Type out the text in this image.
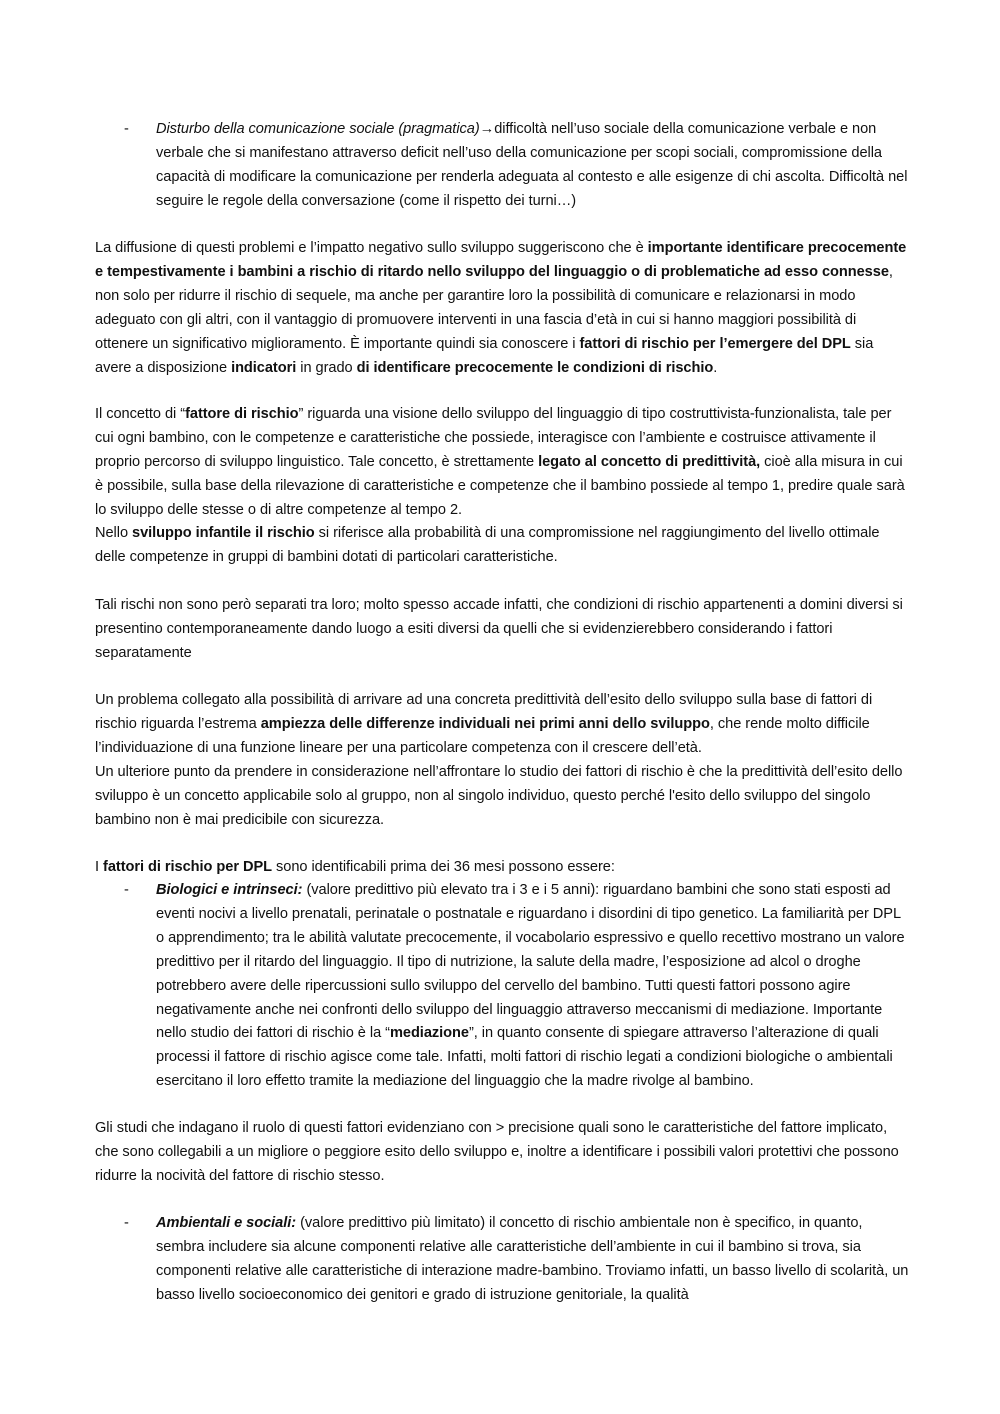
- Disturbo della comunicazione sociale (pragmatica)→difficoltà nell’uso sociale della comunicazione verbale e non verbale che si manifestano attraverso deficit nell’uso della comunicazione per scopi sociali, compromissione della capacità di modificare la comunicazione per renderla adeguata al contesto e alle esigenze di chi ascolta. Difficoltà nel seguire le regole della conversazione (come il rispetto dei turni…)

La diffusione di questi problemi e l’impatto negativo sullo sviluppo suggeriscono che è importante identificare precocemente e tempestivamente i bambini a rischio di ritardo nello sviluppo del linguaggio o di problematiche ad esso connesse, non solo per ridurre il rischio di sequele, ma anche per garantire loro la possibilità di comunicare e relazionarsi in modo adeguato con gli altri, con il vantaggio di promuovere interventi in una fascia d’età in cui si hanno maggiori possibilità di ottenere un significativo miglioramento. È importante quindi sia conoscere i fattori di rischio per l’emergere del DPL sia avere a disposizione indicatori in grado di identificare precocemente le condizioni di rischio.

Il concetto di “fattore di rischio” riguarda una visione dello sviluppo del linguaggio di tipo costruttivista-funzionalista, tale per cui ogni bambino, con le competenze e caratteristiche che possiede, interagisce con l’ambiente e costruisce attivamente il proprio percorso di sviluppo linguistico. Tale concetto, è strettamente legato al concetto di predittività, cioè alla misura in cui è possibile, sulla base della rilevazione di caratteristiche e competenze che il bambino possiede al tempo 1, predire quale sarà lo sviluppo delle stesse o di altre competenze al tempo 2.

Nello sviluppo infantile il rischio si riferisce alla probabilità di una compromissione nel raggiungimento del livello ottimale delle competenze in gruppi di bambini dotati di particolari caratteristiche.

Tali rischi non sono però separati tra loro; molto spesso accade infatti, che condizioni di rischio appartenenti a domini diversi si presentino contemporaneamente dando luogo a esiti diversi da quelli che si evidenzierebbero considerando i fattori separatamente

Un problema collegato alla possibilità di arrivare ad una concreta predittività dell’esito dello sviluppo sulla base di fattori di rischio riguarda l’estrema ampiezza delle differenze individuali nei primi anni dello sviluppo, che rende molto difficile l’individuazione di una funzione lineare per una particolare competenza con il crescere dell’età.

Un ulteriore punto da prendere in considerazione nell’affrontare lo studio dei fattori di rischio è che la predittività dell’esito dello sviluppo è un concetto applicabile solo al gruppo, non al singolo individuo, questo perché l'esito dello sviluppo del singolo bambino non è mai predicibile con sicurezza.

I fattori di rischio per DPL sono identificabili prima dei 36 mesi possono essere:

- Biologici e intrinseci: (valore predittivo più elevato tra i 3 e i 5 anni): riguardano bambini che sono stati esposti ad eventi nocivi a livello prenatali, perinatale o postnatale e riguardano i disordini di tipo genetico. La familiarità per DPL o apprendimento; tra le abilità valutate precocemente, il vocabolario espressivo e quello recettivo mostrano un valore predittivo per il ritardo del linguaggio. Il tipo di nutrizione, la salute della madre, l’esposizione ad alcol o droghe potrebbero avere delle ripercussioni sullo sviluppo del cervello del bambino. Tutti questi fattori possono agire negativamente anche nei confronti dello sviluppo del linguaggio attraverso meccanismi di mediazione. Importante nello studio dei fattori di rischio è la “mediazione”, in quanto consente di spiegare attraverso l’alterazione di quali processi il fattore di rischio agisce come tale. Infatti, molti fattori di rischio legati a condizioni biologiche o ambientali esercitano il loro effetto tramite la mediazione del linguaggio che la madre rivolge al bambino.

Gli studi che indagano il ruolo di questi fattori evidenziano con > precisione quali sono le caratteristiche del fattore implicato, che sono collegabili a un migliore o peggiore esito dello sviluppo e, inoltre a identificare i possibili valori protettivi che possono ridurre la nocività del fattore di rischio stesso.

- Ambientali e sociali: (valore predittivo più limitato) il concetto di rischio ambientale non è specifico, in quanto, sembra includere sia alcune componenti relative alle caratteristiche dell’ambiente in cui il bambino si trova, sia componenti relative alle caratteristiche di interazione madre-bambino. Troviamo infatti, un basso livello di scolarità, un basso livello socioeconomico dei genitori e grado di istruzione genitoriale, la qualità
